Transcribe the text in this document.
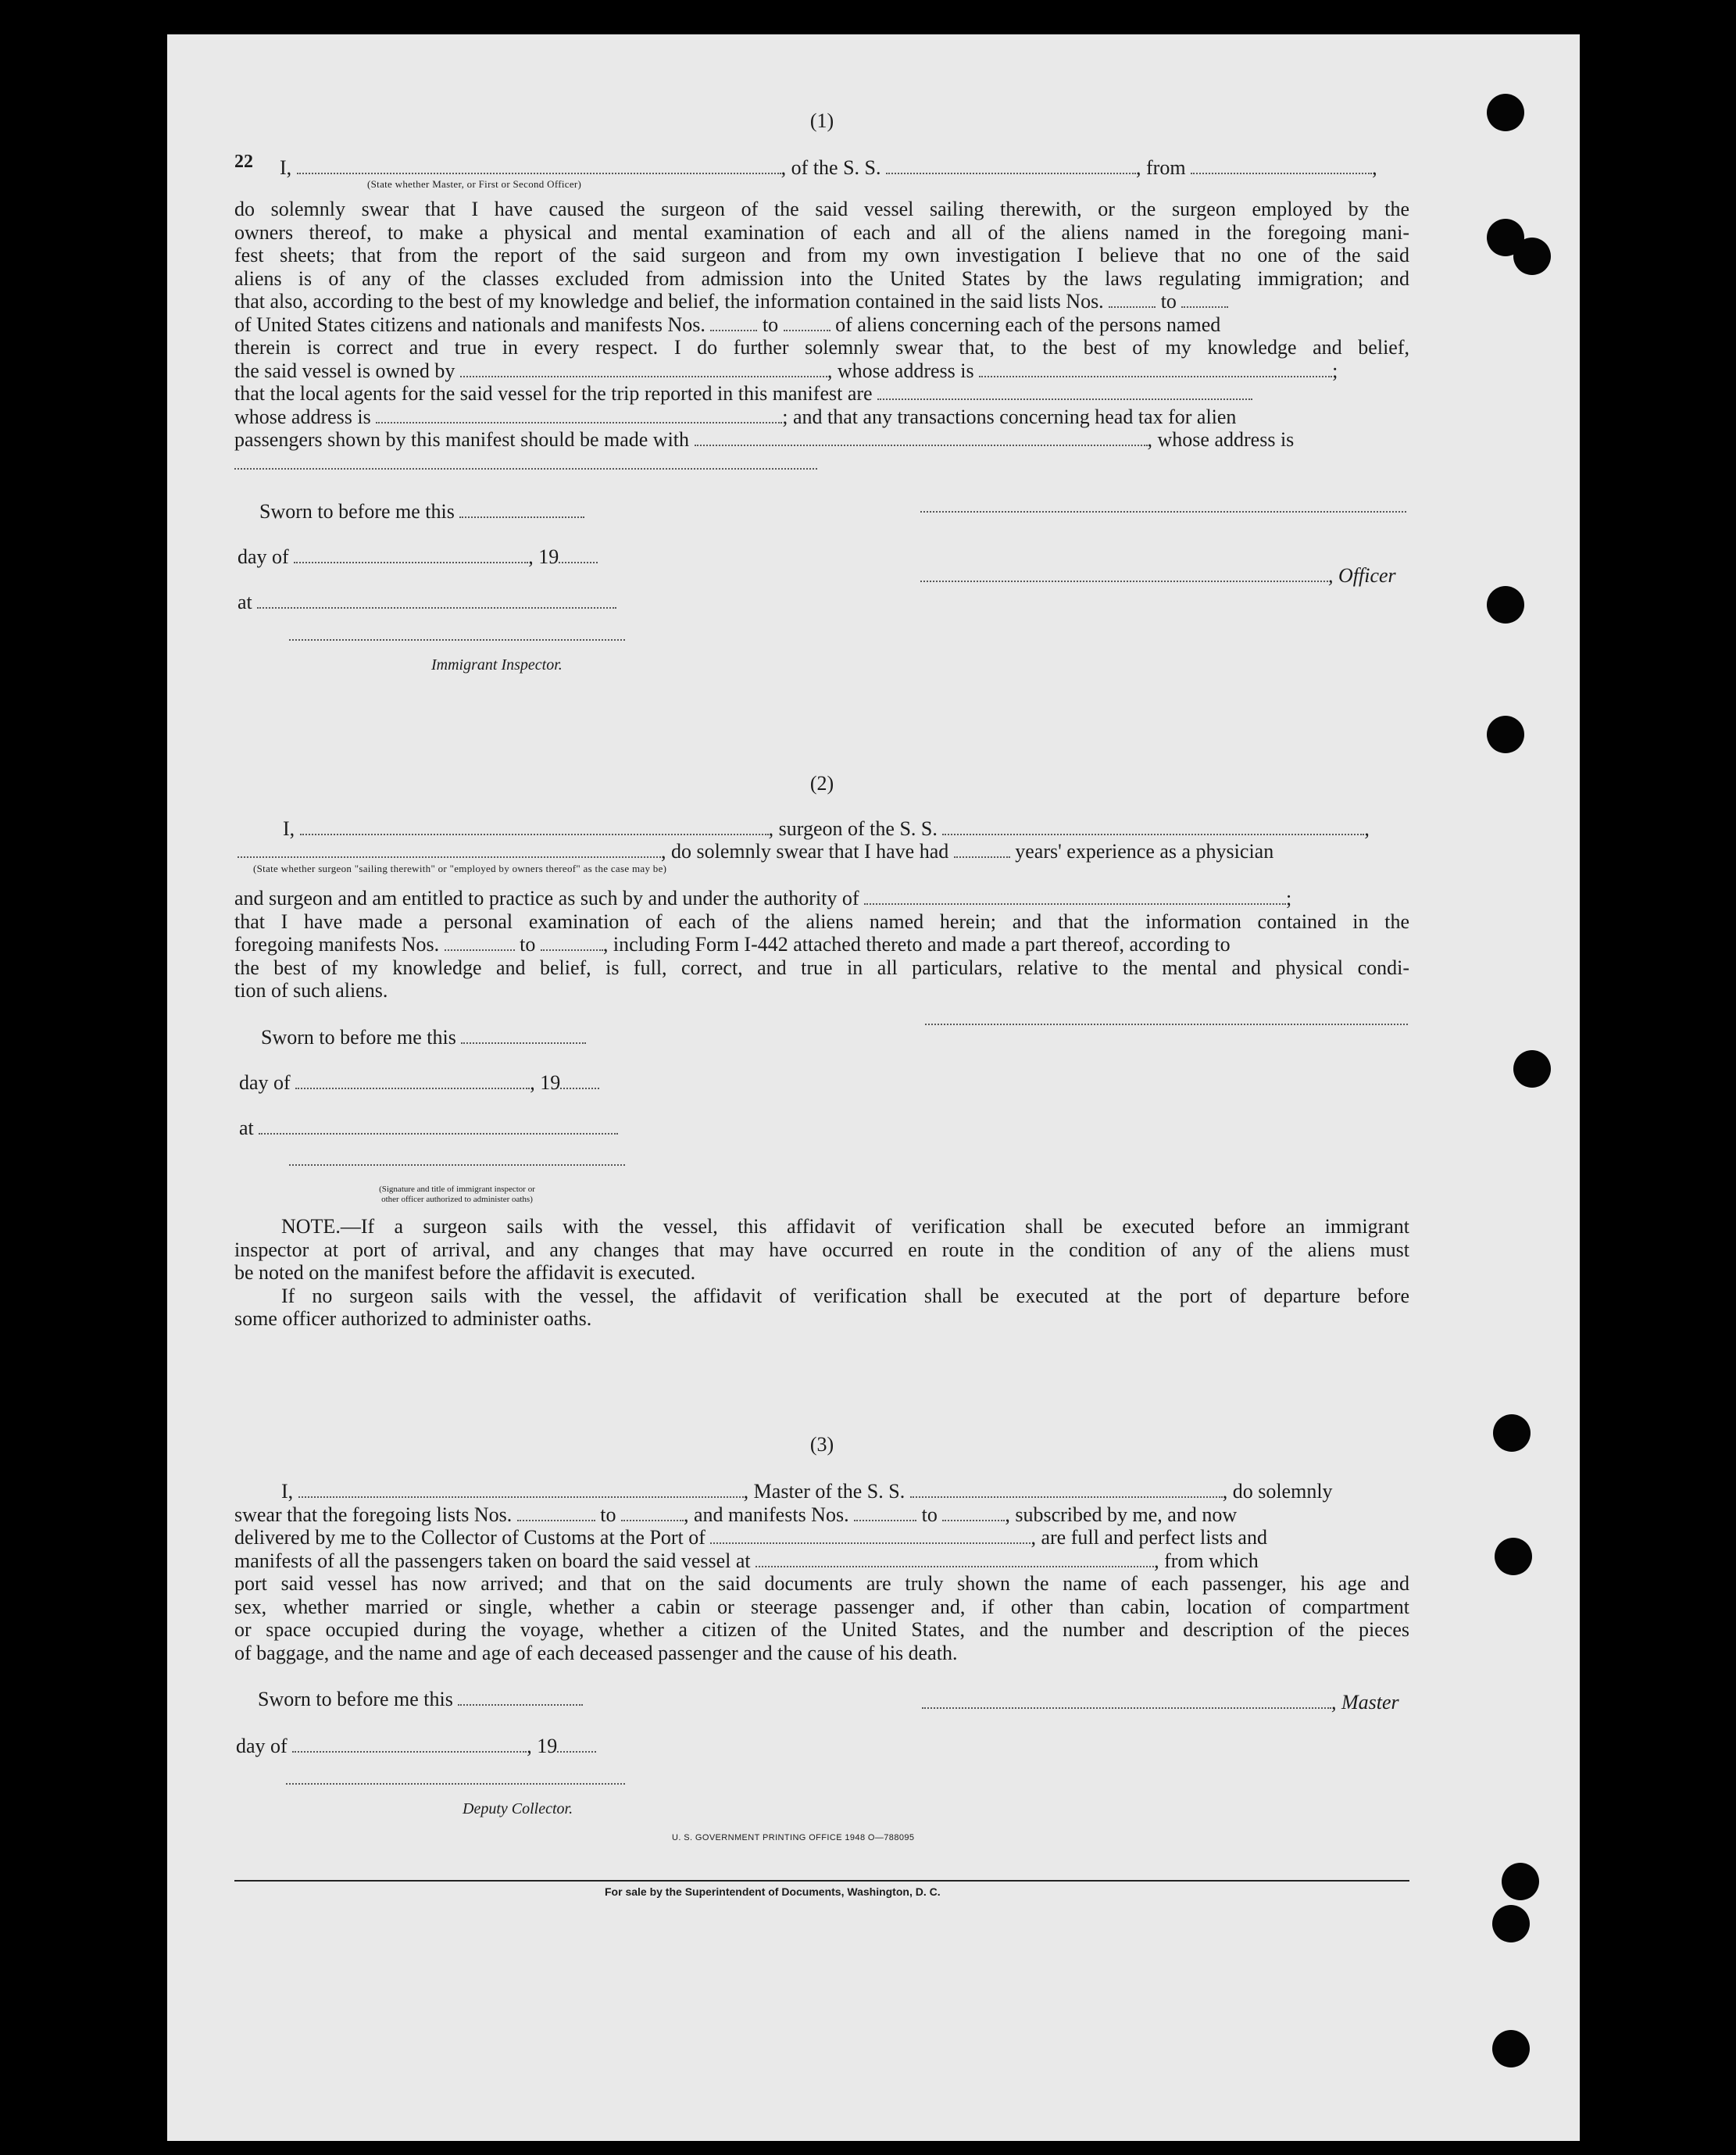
(1)
22 I,	, of the S. S.	, from	,
(State whether Master, or First or Second Officer)
do solemnly swear that I have caused the surgeon of the said vessel sailing therewith, or the surgeon employed by the
owners thereof, to make a physical and mental examination of each and all of the aliens named in the foregoing mani-
fest sheets; that from the report of the said surgeon and from my own investigation I believe that no one of the said
aliens is of any of the classes excluded from admission into the United States by the laws regulating immigration; and
that also, according to the best of my knowledge and belief, the information contained in the said lists Nos.	to
of United States citizens and nationals and manifests Nos.	to	of aliens concerning each of the persons named
therein is correct and true in every respect. I do further solemnly swear that, to the best of my knowledge and belief,
the said vessel is owned by	, whose address is	;
that the local agents for the said vessel for the trip reported in this manifest are
whose address is	; and that any transactions concerning head tax for alien
passengers shown by this manifest should be made with	, whose address is
Sworn to before me this
day of	, 19
at
Immigrant Inspector.
, Officer
(2)
I,	, surgeon of the S. S.	,
, do solemnly swear that I have had	years' experience as a physician
(State whether surgeon "sailing therewith" or "employed by owners thereof" as the case may be)
and surgeon and am entitled to practice as such by and under the authority of	;
that I have made a personal examination of each of the aliens named herein; and that the information contained in the
foregoing manifests Nos.	to	, including Form I-442 attached thereto and made a part thereof, according to
the best of my knowledge and belief, is full, correct, and true in all particulars, relative to the mental and physical condi-
tion of such aliens.
Sworn to before me this
day of	, 19
at
(Signature and title of immigrant inspector or
other officer authorized to administer oaths)
NOTE.—If a surgeon sails with the vessel, this affidavit of verification shall be executed before an immigrant
inspector at port of arrival, and any changes that may have occurred en route in the condition of any of the aliens must
be noted on the manifest before the affidavit is executed.
If no surgeon sails with the vessel, the affidavit of verification shall be executed at the port of departure before
some officer authorized to administer oaths.
(3)
I,	, Master of the S. S.	, do solemnly
swear that the foregoing lists Nos.	to	, and manifests Nos.	to	, subscribed by me, and now
delivered by me to the Collector of Customs at the Port of	, are full and perfect lists and
manifests of all the passengers taken on board the said vessel at	, from which
port said vessel has now arrived; and that on the said documents are truly shown the name of each passenger, his age and
sex, whether married or single, whether a cabin or steerage passenger and, if other than cabin, location of compartment
or space occupied during the voyage, whether a citizen of the United States, and the number and description of the pieces
of baggage, and the name and age of each deceased passenger and the cause of his death.
Sworn to before me this	, Master
day of	, 19
Deputy Collector.
U. S. GOVERNMENT PRINTING OFFICE 1948 O—788095
For sale by the Superintendent of Documents, Washington, D. C.
